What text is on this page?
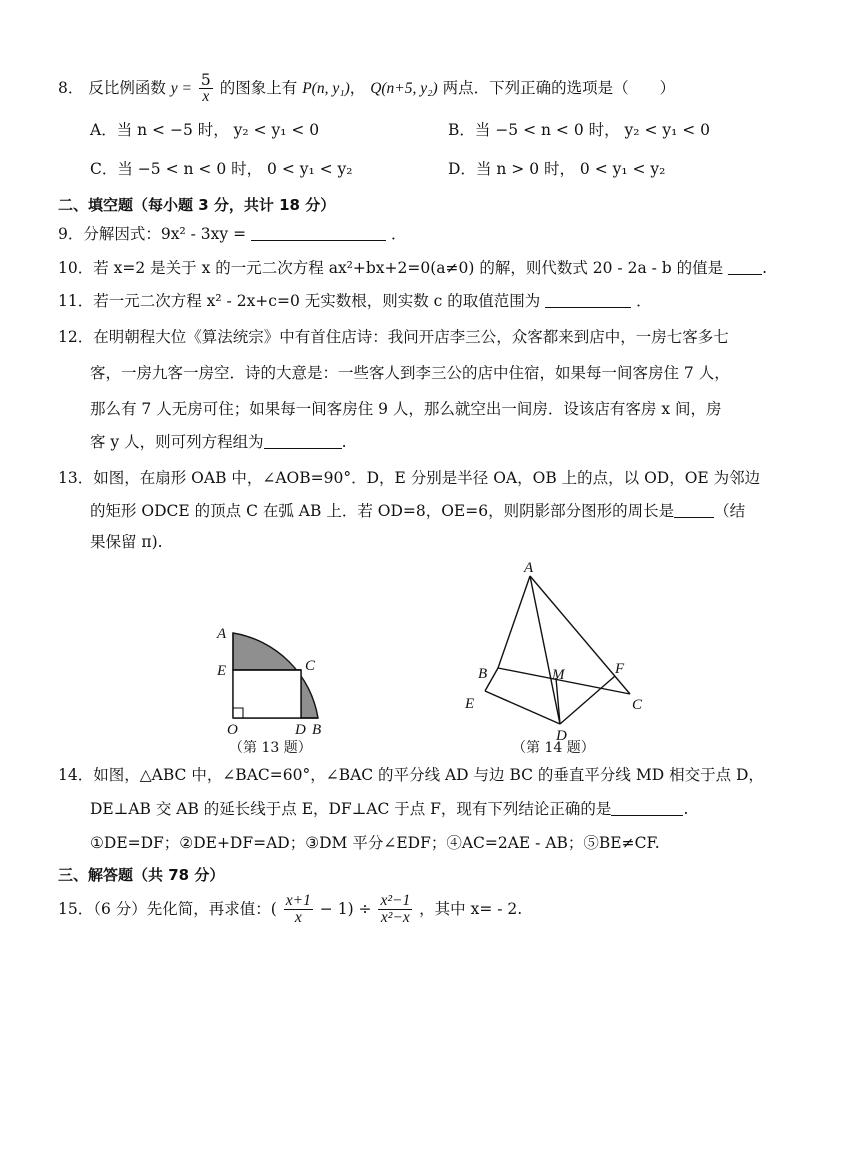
8． 反比例函数 $y = \frac{5}{x}$ 的图象上有 P(n, y₁)， Q(n+5, y₂) 两点．下列正确的选项是（　　）
A．当 n < −5 时， y₂ < y₁ < 0	B．当 −5 < n < 0 时， y₂ < y₁ < 0
C．当 −5 < n < 0 时， 0 < y₁ < y₂	D．当 n > 0 时， 0 < y₁ < y₂
二、填空题（每小题 3 分，共计 18 分）
9．分解因式：9x² - 3xy =	．
10．若 x=2 是关于 x 的一元二次方程 ax²+bx+2=0(a≠0) 的解，则代数式 20 - 2a - b 的值是	.
11．若一元二次方程 x² - 2x+c=0 无实数根，则实数 c 的取值范围为	．
12．在明朝程大位《算法统宗》中有首住店诗：我问开店李三公，众客都来到店中，一房七客多七
客，一房九客一房空．诗的大意是：一些客人到李三公的店中住宿，如果每一间客房住 7 人，
那么有 7 人无房可住；如果每一间客房住 9 人，那么就空出一间房．设该店有客房 x 间，房
客 y 人，则可列方程组为	.
13．如图，在扇形 OAB 中，∠AOB=90°．D，E 分别是半径 OA，OB 上的点，以 OD，OE 为邻边
的矩形 ODCE 的顶点 C 在弧 AB 上．若 OD=8，OE=6，则阴影部分图形的周长是	（结
果保留 π).
A
E	C
O	D B
（第 13 题）
A
B	M	F
E	C
D
（第 14 题）
14．如图，△ABC 中，∠BAC=60°，∠BAC 的平分线 AD 与边 BC 的垂直平分线 MD 相交于点 D，
DE⊥AB 交 AB 的延长线于点 E，DF⊥AC 于点 F，现有下列结论正确的是	.
①DE=DF；②DE+DF=AD；③DM 平分∠EDF；④AC=2AE - AB；⑤BE≠CF.
三、解答题（共 78 分）
15．（6 分）先化简，再求值：( $\frac{x+1}{x} - 1) \div \frac{\text{x²−1}}{\text{x²−x}}$ ，其中 x= - 2.
